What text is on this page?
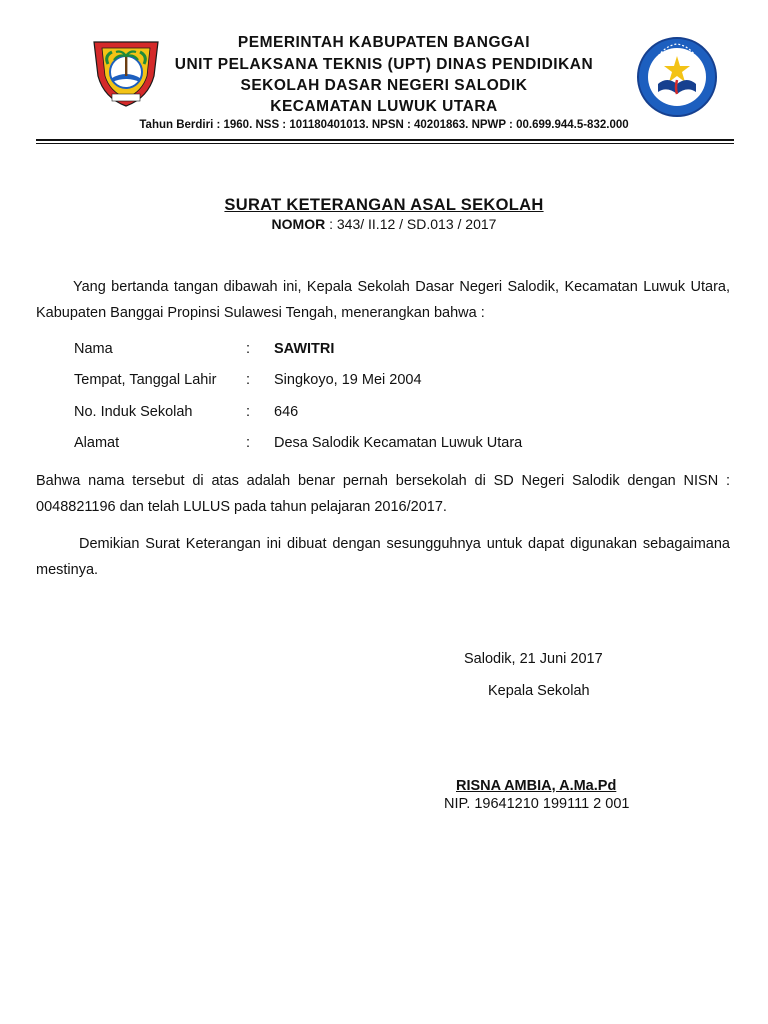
PEMERINTAH KABUPATEN BANGGAI
UNIT PELAKSANA TEKNIS (UPT) DINAS PENDIDIKAN
SEKOLAH DASAR NEGERI SALODIK
KECAMATAN LUWUK UTARA
Tahun Berdiri : 1960. NSS : 101180401013. NPSN : 40201863. NPWP : 00.699.944.5-832.000
SURAT KETERANGAN ASAL SEKOLAH
NOMOR : 343/ II.12 / SD.013 / 2017
Yang bertanda tangan dibawah ini, Kepala Sekolah Dasar Negeri Salodik, Kecamatan Luwuk Utara, Kabupaten Banggai Propinsi Sulawesi Tengah, menerangkan bahwa :
Nama	: SAWITRI
Tempat, Tanggal Lahir : Singkoyo, 19 Mei 2004
No. Induk Sekolah	: 646
Alamat	: Desa Salodik Kecamatan Luwuk Utara
Bahwa nama tersebut di atas adalah benar pernah bersekolah di SD Negeri Salodik dengan NISN : 0048821196 dan telah LULUS pada tahun pelajaran 2016/2017.
Demikian Surat Keterangan ini dibuat dengan sesungguhnya untuk dapat digunakan sebagaimana mestinya.
Salodik, 21 Juni 2017
Kepala Sekolah
RISNA AMBIA, A.Ma.Pd
NIP. 19641210 199111 2 001
